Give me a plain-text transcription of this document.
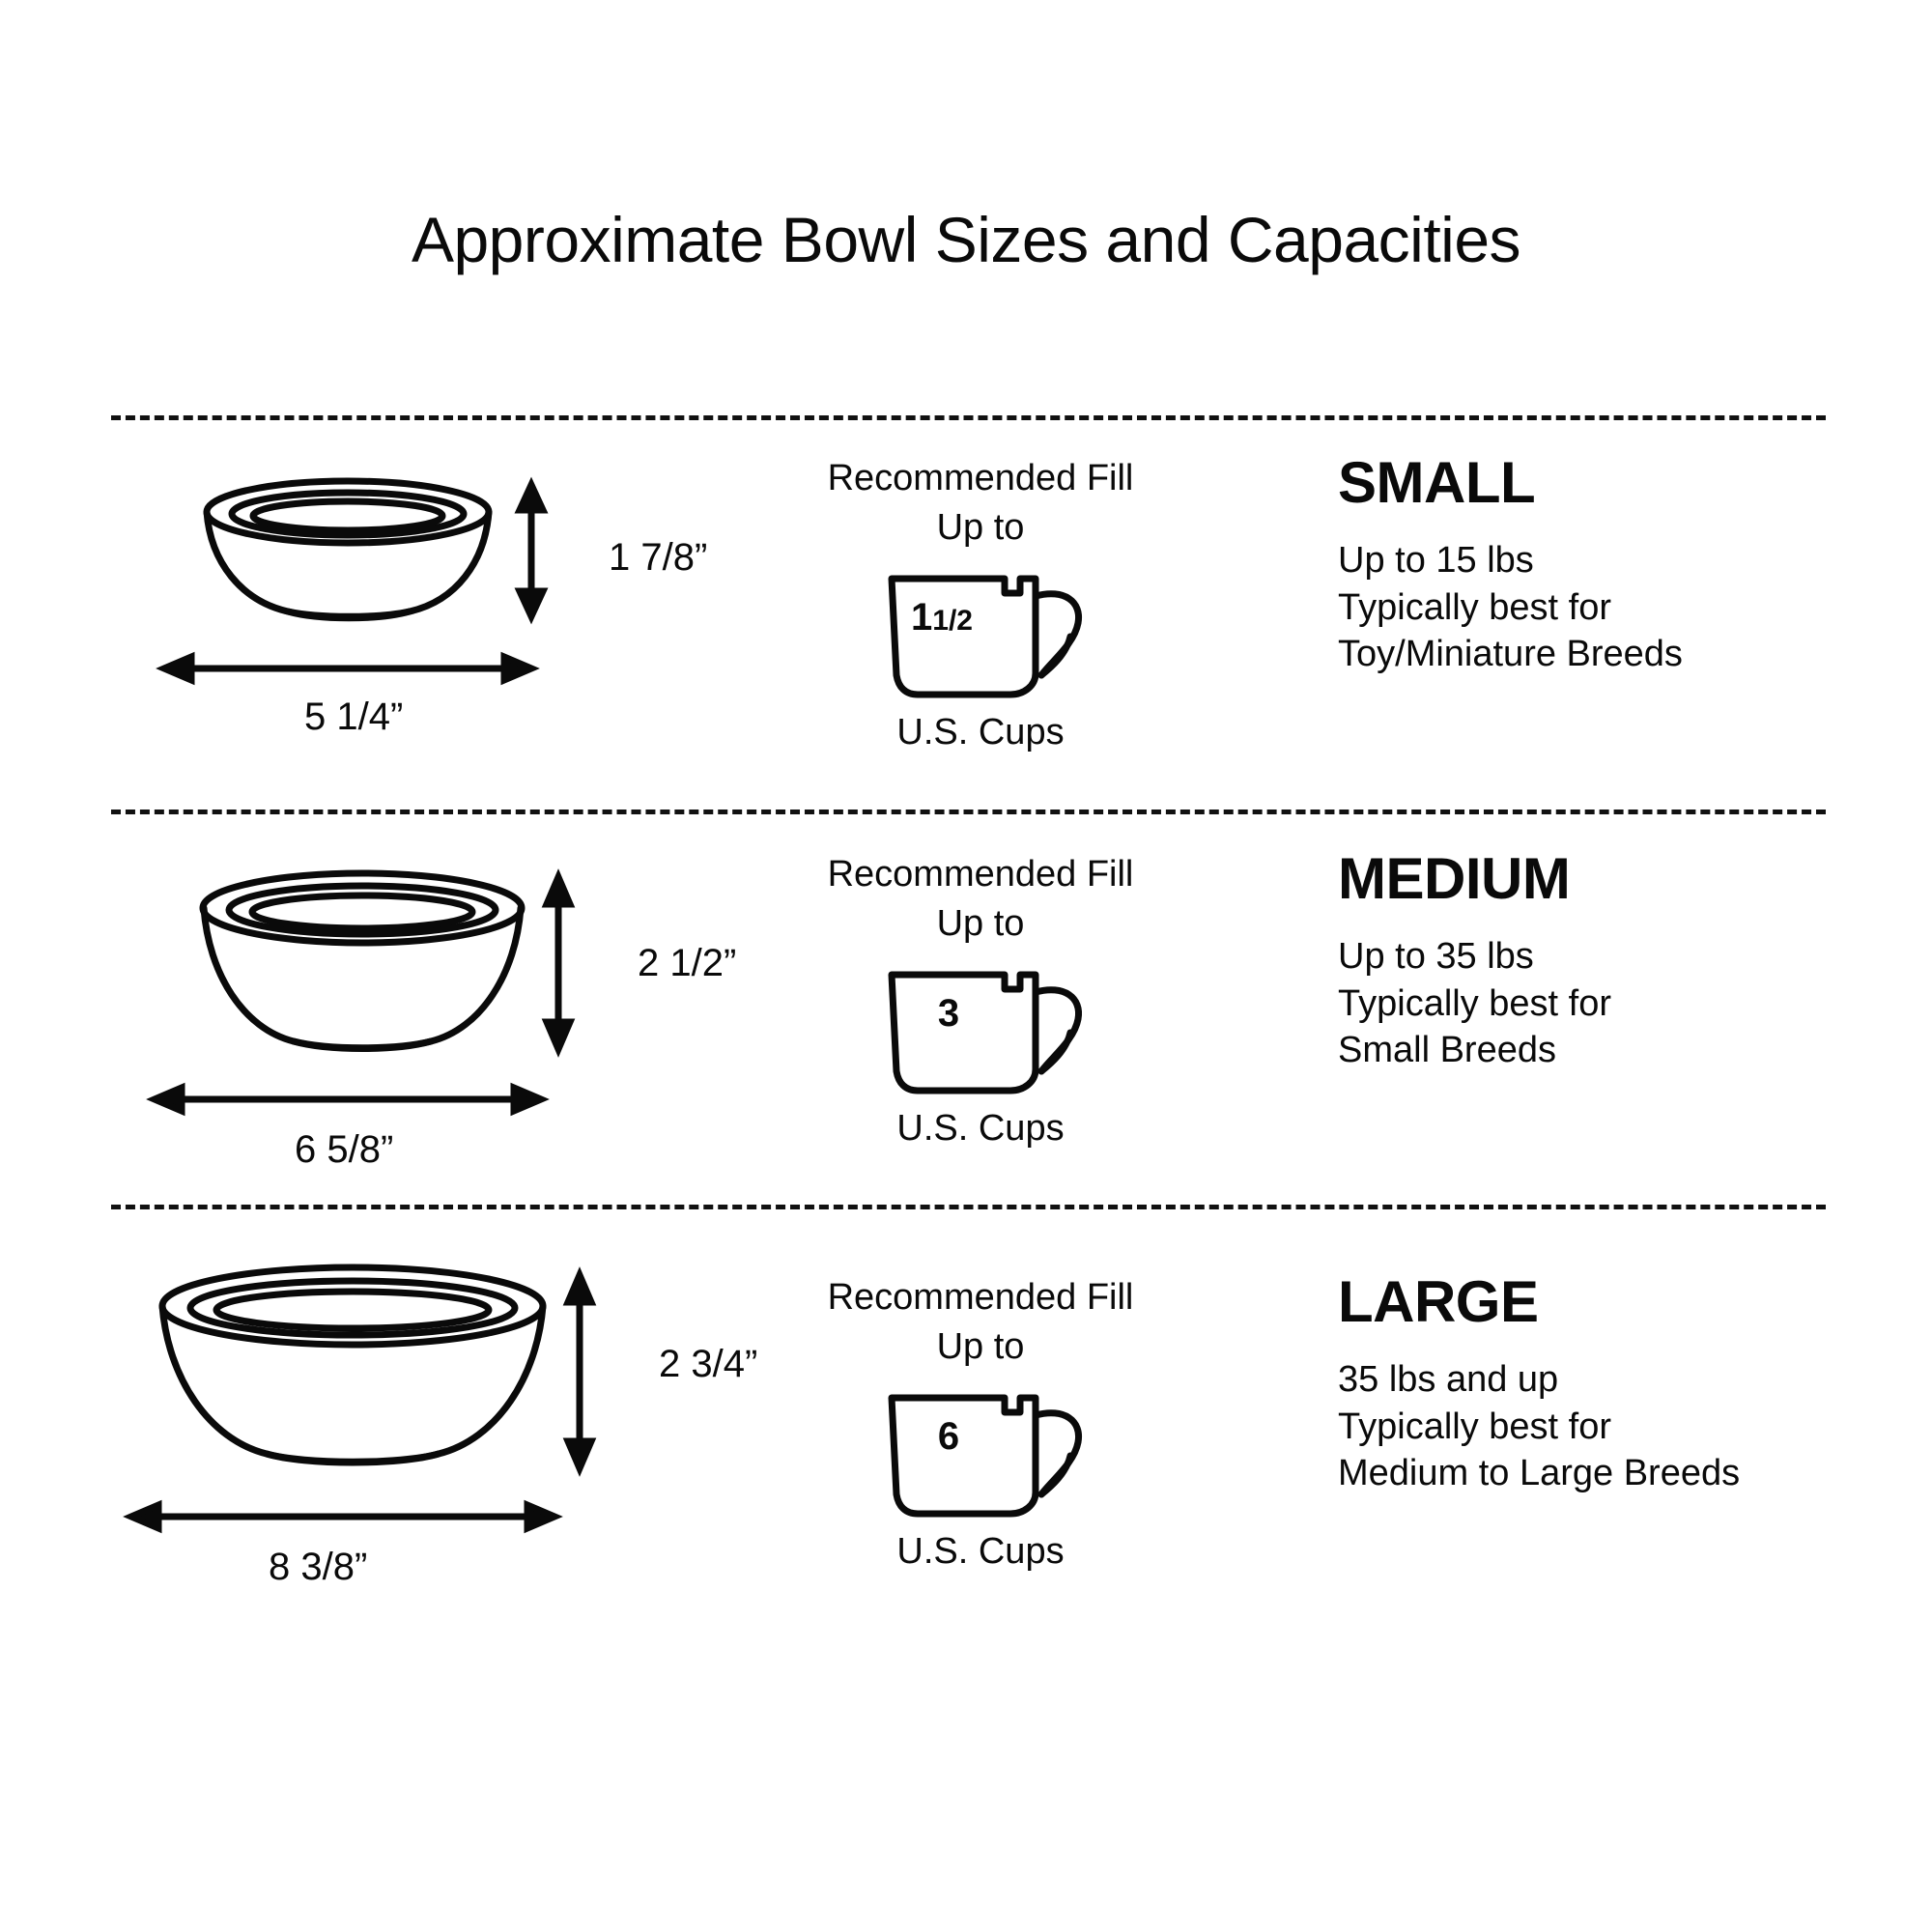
Approximate Bowl Sizes and Capacities
1 7/8”
5 1/4”
Recommended Fill
Up to
11/2
U.S. Cups
SMALL
Up to 15 lbs
Typically best for
Toy/Miniature Breeds
2 1/2”
6 5/8”
Recommended Fill
Up to
3
U.S. Cups
MEDIUM
Up to 35 lbs
Typically best for
Small Breeds
2 3/4”
8 3/8”
Recommended Fill
Up to
6
U.S. Cups
LARGE
35 lbs and up
Typically best for
Medium to Large Breeds
